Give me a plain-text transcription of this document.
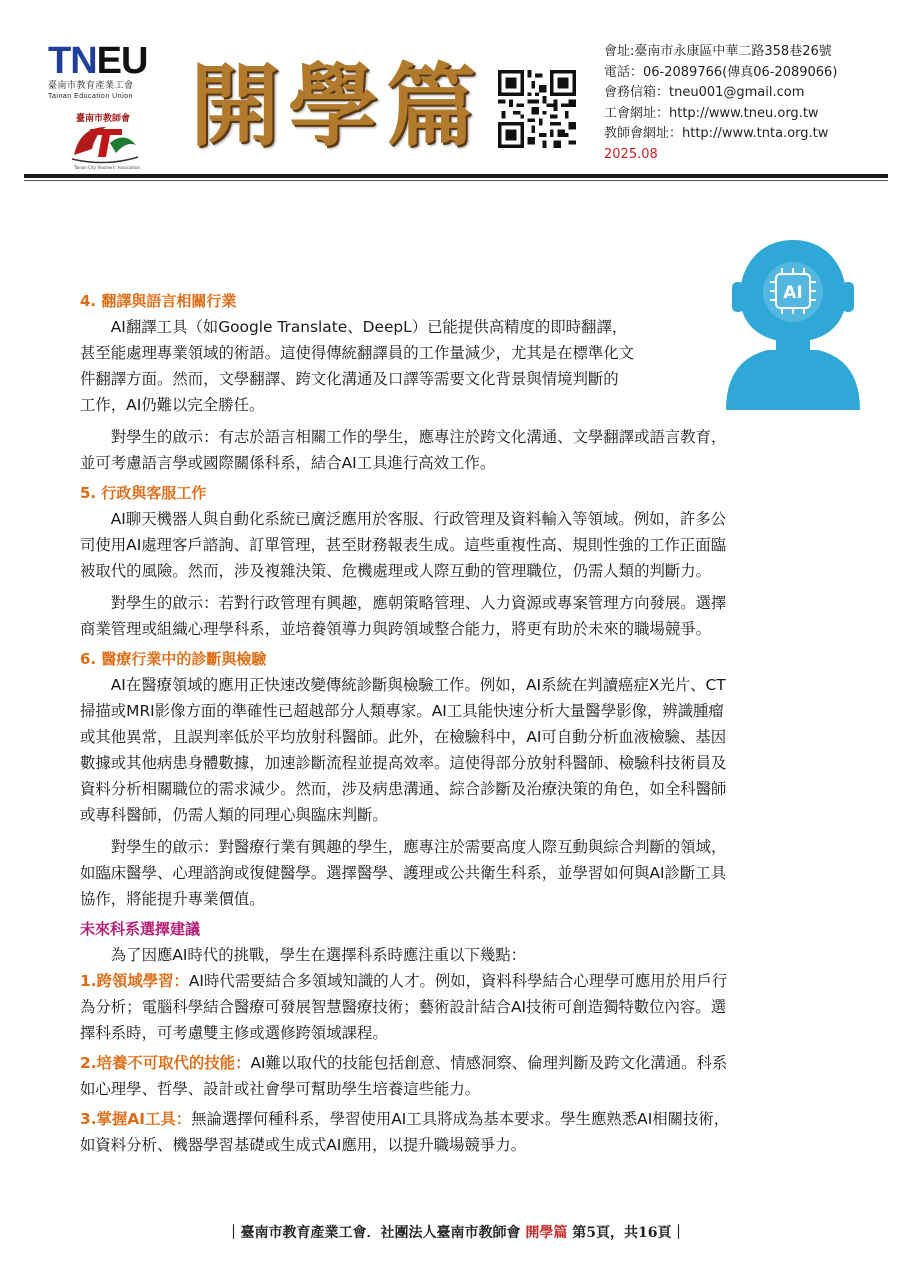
TNEU
臺南市教育產業工會
Tainan Education Union
臺南市教師會
Tainan City Teachers' Association
開學篇
會址:臺南市永康區中華二路358巷26號
電話：06-2089766(傳真06-2089066)
會務信箱：tneu001@gmail.com
工會網址：http://www.tneu.org.tw
教師會網址：http://www.tnta.org.tw
2025.08
AI
4. 翻譯與語言相關行業
　　AI翻譯工具（如Google Translate、DeepL）已能提供高精度的即時翻譯，
甚至能處理專業領域的術語。這使得傳統翻譯員的工作量減少，尤其是在標準化文
件翻譯方面。然而，文學翻譯、跨文化溝通及口譯等需要文化背景與情境判斷的
工作，AI仍難以完全勝任。
　　對學生的啟示：有志於語言相關工作的學生，應專注於跨文化溝通、文學翻譯或語言教育，
並可考慮語言學或國際關係科系，結合AI工具進行高效工作。
5. 行政與客服工作
　　AI聊天機器人與自動化系統已廣泛應用於客服、行政管理及資料輸入等領域。例如，許多公
司使用AI處理客戶諮詢、訂單管理，甚至財務報表生成。這些重複性高、規則性強的工作正面臨
被取代的風險。然而，涉及複雜決策、危機處理或人際互動的管理職位，仍需人類的判斷力。
　　對學生的啟示：若對行政管理有興趣，應朝策略管理、人力資源或專案管理方向發展。選擇
商業管理或組織心理學科系，並培養領導力與跨領域整合能力，將更有助於未來的職場競爭。
6. 醫療行業中的診斷與檢驗
　　AI在醫療領域的應用正快速改變傳統診斷與檢驗工作。例如，AI系統在判讀癌症X光片、CT
掃描或MRI影像方面的準確性已超越部分人類專家。AI工具能快速分析大量醫學影像，辨識腫瘤
或其他異常，且誤判率低於平均放射科醫師。此外，在檢驗科中，AI可自動分析血液檢驗、基因
數據或其他病患身體數據，加速診斷流程並提高效率。這使得部分放射科醫師、檢驗科技術員及
資料分析相關職位的需求減少。然而，涉及病患溝通、綜合診斷及治療決策的角色，如全科醫師
或專科醫師，仍需人類的同理心與臨床判斷。
　　對學生的啟示：對醫療行業有興趣的學生，應專注於需要高度人際互動與綜合判斷的領域，
如臨床醫學、心理諮詢或復健醫學。選擇醫學、護理或公共衛生科系，並學習如何與AI診斷工具
協作，將能提升專業價值。
未來科系選擇建議
　　為了因應AI時代的挑戰，學生在選擇科系時應注重以下幾點：
1.跨領域學習：AI時代需要結合多領域知識的人才。例如，資料科學結合心理學可應用於用戶行
為分析；電腦科學結合醫療可發展智慧醫療技術；藝術設計結合AI技術可創造獨特數位內容。選
擇科系時，可考慮雙主修或選修跨領域課程。
2.培養不可取代的技能：AI難以取代的技能包括創意、情感洞察、倫理判斷及跨文化溝通。科系
如心理學、哲學、設計或社會學可幫助學生培養這些能力。
3.掌握AI工具：無論選擇何種科系，學習使用AI工具將成為基本要求。學生應熟悉AI相關技術，
如資料分析、機器學習基礎或生成式AI應用，以提升職場競爭力。
｜臺南市教育產業工會．社團法人臺南市教師會 開學篇 第5頁，共16頁｜
